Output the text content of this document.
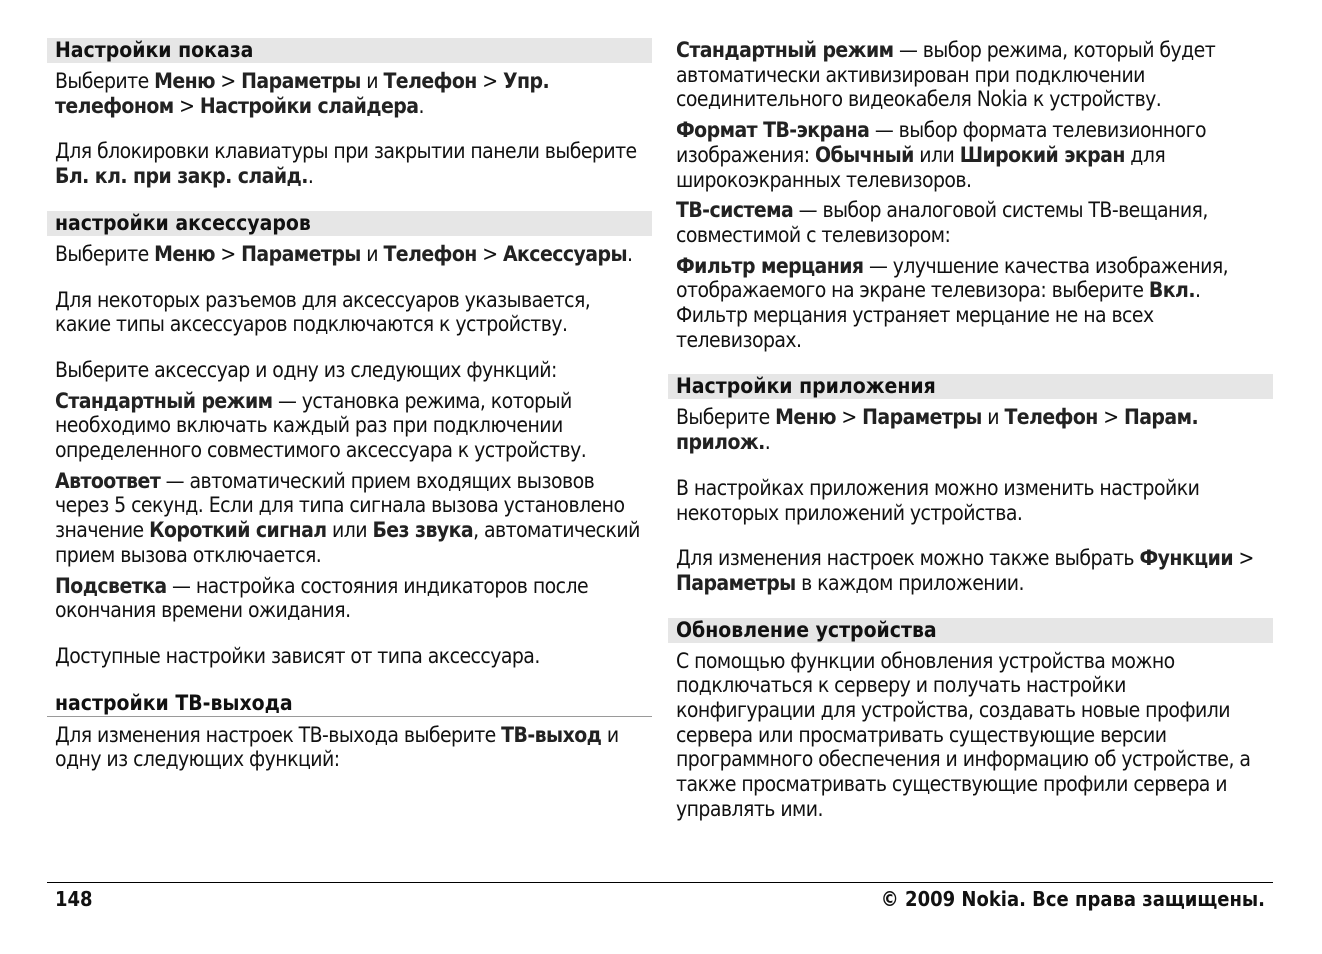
Настройки показа

Выберите Меню > Параметры и Телефон > Упр. телефоном > Настройки слайдера.

Для блокировки клавиатуры при закрытии панели выберите Бл. кл. при закр. слайд..

настройки аксессуаров

Выберите Меню > Параметры и Телефон > Аксессуары.

Для некоторых разъемов для аксессуаров указывается, какие типы аксессуаров подключаются к устройству.

Выберите аксессуар и одну из следующих функций:

Стандартный режим — установка режима, который необходимо включать каждый раз при подключении определенного совместимого аксессуара к устройству.

Автоответ — автоматический прием входящих вызовов через 5 секунд. Если для типа сигнала вызова установлено значение Короткий сигнал или Без звука, автоматический прием вызова отключается.

Подсветка — настройка состояния индикаторов после окончания времени ожидания.

Доступные настройки зависят от типа аксессуара.

настройки ТВ-выхода

Для изменения настроек ТВ-выхода выберите ТВ-выход и одну из следующих функций:

Стандартный режим — выбор режима, который будет автоматически активизирован при подключении соединительного видеокабеля Nokia к устройству.

Формат ТВ-экрана — выбор формата телевизионного изображения: Обычный или Широкий экран для широкоэкранных телевизоров.

ТВ-система — выбор аналоговой системы ТВ-вещания, совместимой с телевизором:

Фильтр мерцания — улучшение качества изображения, отображаемого на экране телевизора: выберите Вкл.. Фильтр мерцания устраняет мерцание не на всех телевизорах.

Настройки приложения

Выберите Меню > Параметры и Телефон > Парам. прилож..

В настройках приложения можно изменить настройки некоторых приложений устройства.

Для изменения настроек можно также выбрать Функции > Параметры в каждом приложении.

Обновление устройства

С помощью функции обновления устройства можно подключаться к серверу и получать настройки конфигурации для устройства, создавать новые профили сервера или просматривать существующие версии программного обеспечения и информацию об устройстве, а также просматривать существующие профили сервера и управлять ими.

148	© 2009 Nokia. Все права защищены.
